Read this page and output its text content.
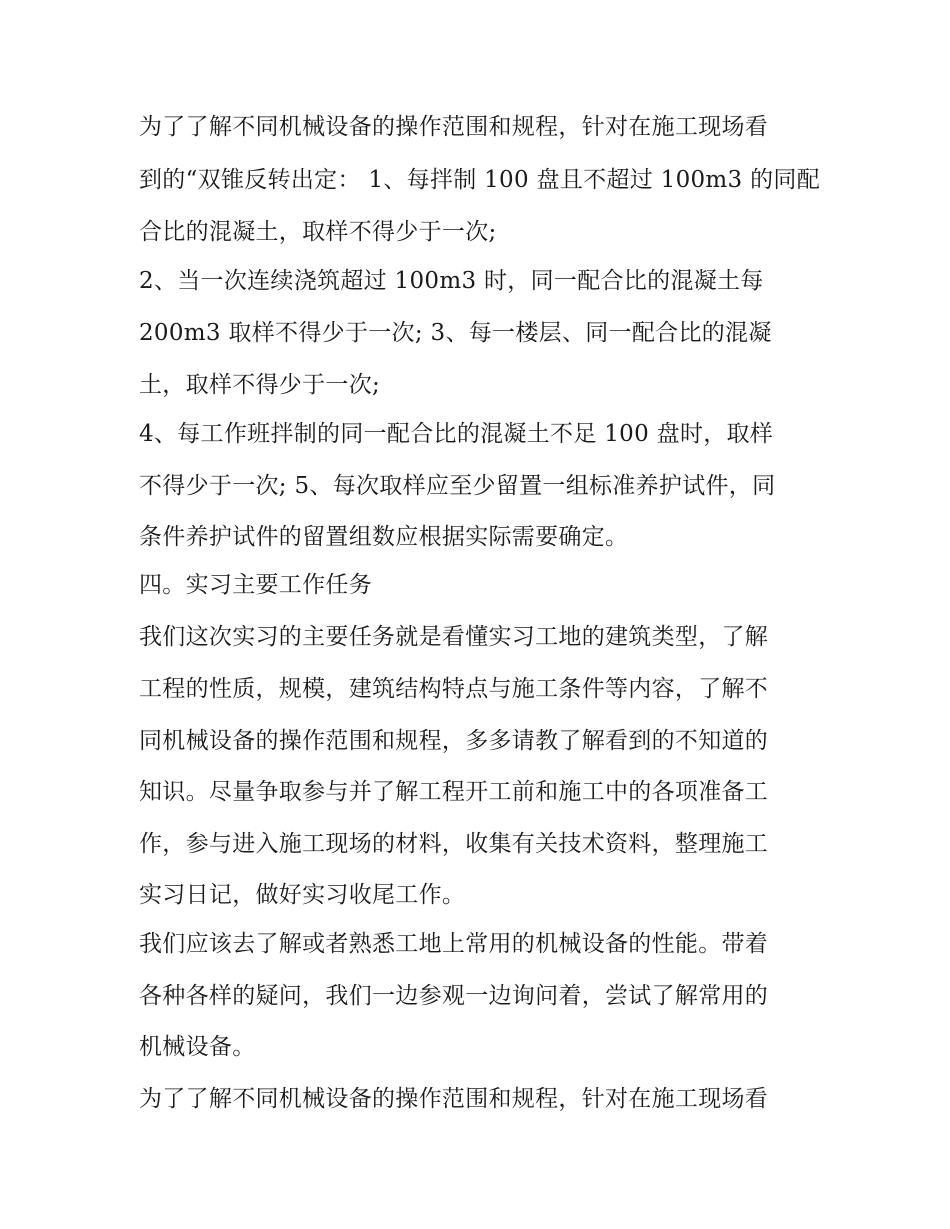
为了了解不同机械设备的操作范围和规程，针对在施工现场看
到的“双锥反转出定： 1、每拌制 100 盘且不超过 100m3 的同配
合比的混凝土，取样不得少于一次;
2、当一次连续浇筑超过 100m3 时，同一配合比的混凝土每
200m3 取样不得少于一次; 3、每一楼层、同一配合比的混凝
土，取样不得少于一次;
4、每工作班拌制的同一配合比的混凝土不足 100 盘时，取样
不得少于一次; 5、每次取样应至少留置一组标准养护试件，同
条件养护试件的留置组数应根据实际需要确定。
四。实习主要工作任务
我们这次实习的主要任务就是看懂实习工地的建筑类型，了解
工程的性质，规模，建筑结构特点与施工条件等内容，了解不
同机械设备的操作范围和规程，多多请教了解看到的不知道的
知识。尽量争取参与并了解工程开工前和施工中的各项准备工
作，参与进入施工现场的材料，收集有关技术资料，整理施工
实习日记，做好实习收尾工作。
我们应该去了解或者熟悉工地上常用的机械设备的性能。带着
各种各样的疑问，我们一边参观一边询问着，尝试了解常用的
机械设备。
为了了解不同机械设备的操作范围和规程，针对在施工现场看
